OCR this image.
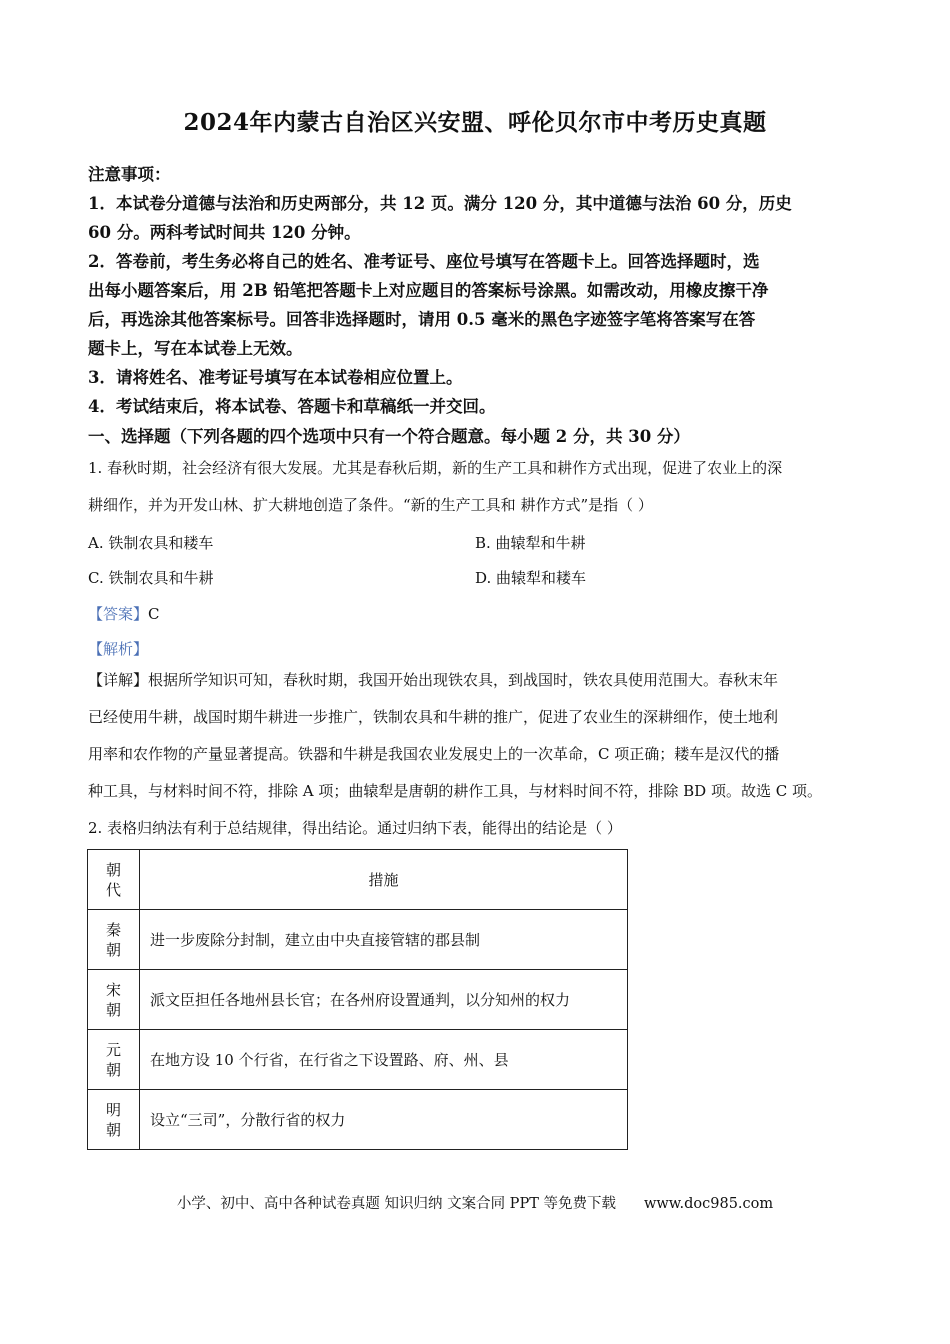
2024年内蒙古自治区兴安盟、呼伦贝尔市中考历史真题
注意事项：

1．本试卷分道德与法治和历史两部分，共 12 页。满分 120 分，其中道德与法治 60 分，历史

60 分。两科考试时间共 120 分钟。

2．答卷前，考生务必将自己的姓名、准考证号、座位号填写在答题卡上。回答选择题时，选

出每小题答案后，用 2B 铅笔把答题卡上对应题目的答案标号涂黑。如需改动，用橡皮擦干净

后，再选涂其他答案标号。回答非选择题时，请用 0.5 毫米的黑色字迹签字笔将答案写在答

题卡上，写在本试卷上无效。

3．请将姓名、准考证号填写在本试卷相应位置上。

4．考试结束后，将本试卷、答题卡和草稿纸一并交回。

一、选择题（下列各题的四个选项中只有一个符合题意。每小题 2 分，共 30 分）

1. 春秋时期，社会经济有很大发展。尤其是春秋后期，新的生产工具和耕作方式出现，促进了农业上的深

耕细作，并为开发山林、扩大耕地创造了条件。“新的生产工具和 耕作方式”是指（ ）

A. 铁制农具和耧车	B. 曲辕犁和牛耕
C. 铁制农具和牛耕	D. 曲辕犁和耧车
【答案】C
【解析】

【详解】根据所学知识可知，春秋时期，我国开始出现铁农具，到战国时，铁农具使用范围大。春秋末年

已经使用牛耕，战国时期牛耕进一步推广，铁制农具和牛耕的推广，促进了农业生的深耕细作，使土地利

用率和农作物的产量显著提高。铁器和牛耕是我国农业发展史上的一次革命，C 项正确；耧车是汉代的播

种工具，与材料时间不符，排除 A 项；曲辕犁是唐朝的耕作工具，与材料时间不符，排除 BD 项。故选 C 项。

2. 表格归纳法有利于总结规律，得出结论。通过归纳下表，能得出的结论是（ ）
朝代	措施
秦朝	进一步废除分封制，建立由中央直接管辖的郡县制
宋朝	派文臣担任各地州县长官；在各州府设置通判，以分知州的权力
元朝	在地方设 10 个行省，在行省之下设置路、府、州、县
明朝	设立“三司”，分散行省的权力
小学、初中、高中各种试卷真题 知识归纳 文案合同 PPT 等免费下载 www.doc985.com
